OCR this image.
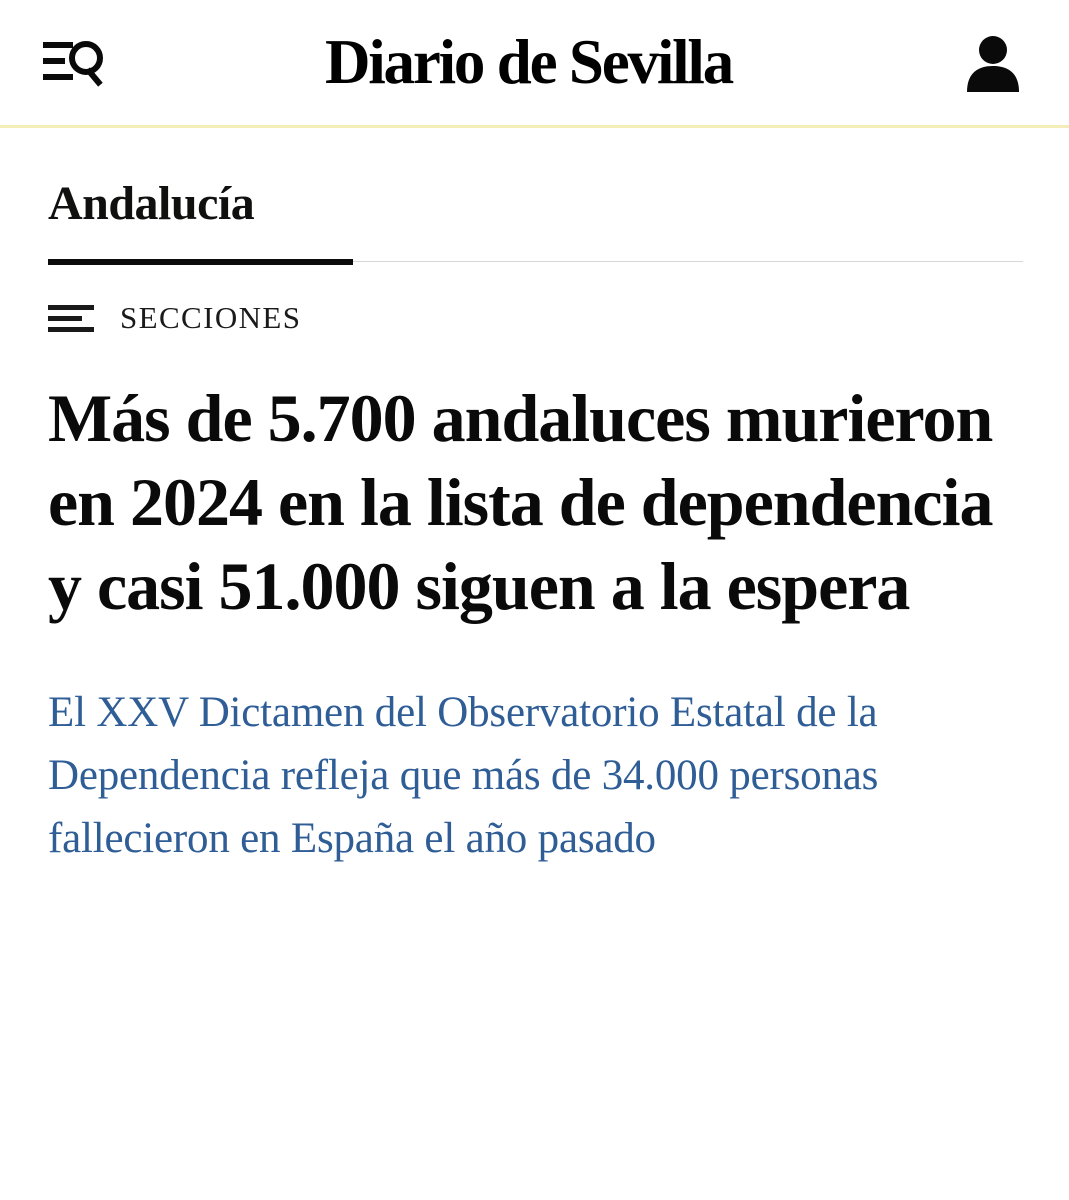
Diario de Sevilla
Andalucía
SECCIONES
Más de 5.700 andaluces murieron en 2024 en la lista de dependencia y casi 51.000 siguen a la espera

El XXV Dictamen del Observatorio Estatal de la Dependencia refleja que más de 34.000 personas fallecieron en España el año pasado
